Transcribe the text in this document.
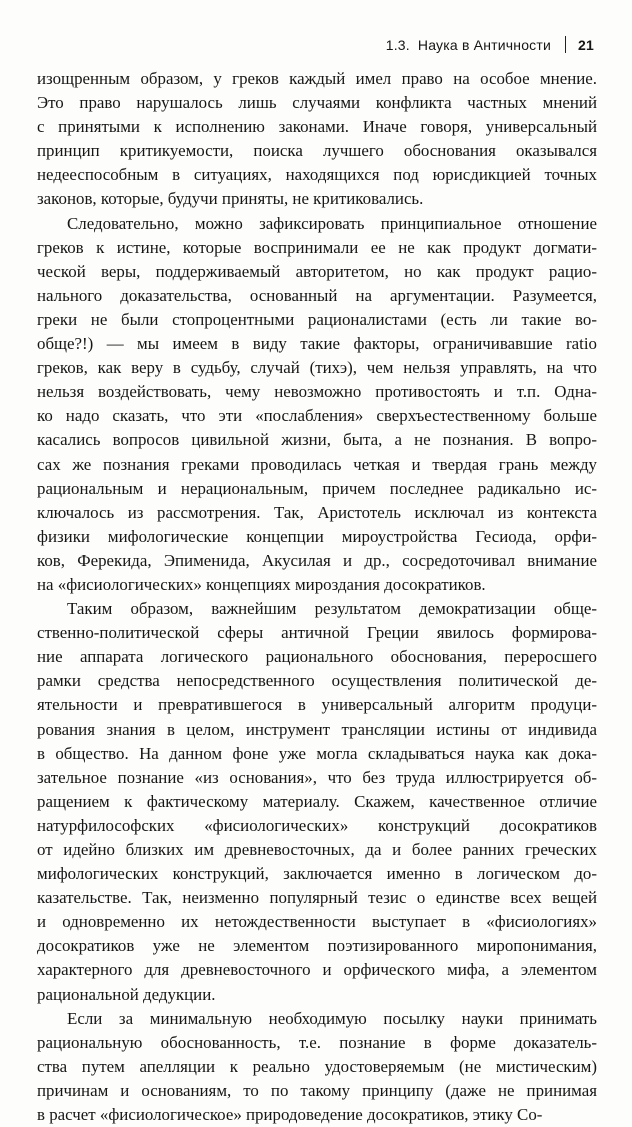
1.3. Наука в Античности 21
изощренным образом, у греков каждый имел право на особое мнение.
Это право нарушалось лишь случаями конфликта частных мнений
с принятыми к исполнению законами. Иначе говоря, универсальный
принцип критикуемости, поиска лучшего обоснования оказывался
недееспособным в ситуациях, находящихся под юрисдикцией точных
законов, которые, будучи приняты, не критиковались.
Следовательно, можно зафиксировать принципиальное отношение
греков к истине, которые воспринимали ее не как продукт догмати-
ческой веры, поддерживаемый авторитетом, но как продукт рацио-
нального доказательства, основанный на аргументации. Разумеется,
греки не были стопроцентными рационалистами (есть ли такие во-
обще?!) — мы имеем в виду такие факторы, ограничивавшие ratio
греков, как веру в судьбу, случай (тихэ), чем нельзя управлять, на что
нельзя воздействовать, чему невозможно противостоять и т.п. Одна-
ко надо сказать, что эти «послабления» сверхъестественному больше
касались вопросов цивильной жизни, быта, а не познания. В вопро-
сах же познания греками проводилась четкая и твердая грань между
рациональным и нерациональным, причем последнее радикально ис-
ключалось из рассмотрения. Так, Аристотель исключал из контекста
физики мифологические концепции мироустройства Гесиода, орфи-
ков, Ферекида, Эпименида, Акусилая и др., сосредоточивал внимание
на «фисиологических» концепциях мироздания досократиков.
Таким образом, важнейшим результатом демократизации обще-
ственно-политической сферы античной Греции явилось формирова-
ние аппарата логического рационального обоснования, переросшего
рамки средства непосредственного осуществления политической де-
ятельности и превратившегося в универсальный алгоритм продуци-
рования знания в целом, инструмент трансляции истины от индивида
в общество. На данном фоне уже могла складываться наука как дока-
зательное познание «из основания», что без труда иллюстрируется об-
ращением к фактическому материалу. Скажем, качественное отличие
натурфилософских «фисиологических» конструкций досократиков
от идейно близких им древневосточных, да и более ранних греческих
мифологических конструкций, заключается именно в логическом до-
казательстве. Так, неизменно популярный тезис о единстве всех вещей
и одновременно их нетождественности выступает в «фисиологиях»
досократиков уже не элементом поэтизированного миропонимания,
характерного для древневосточного и орфического мифа, а элементом
рациональной дедукции.
Если за минимальную необходимую посылку науки принимать
рациональную обоснованность, т.е. познание в форме доказатель-
ства путем апелляции к реально удостоверяемым (не мистическим)
причинам и основаниям, то по такому принципу (даже не принимая
в расчет «фисиологическое» природоведение досократиков, этику Со-
